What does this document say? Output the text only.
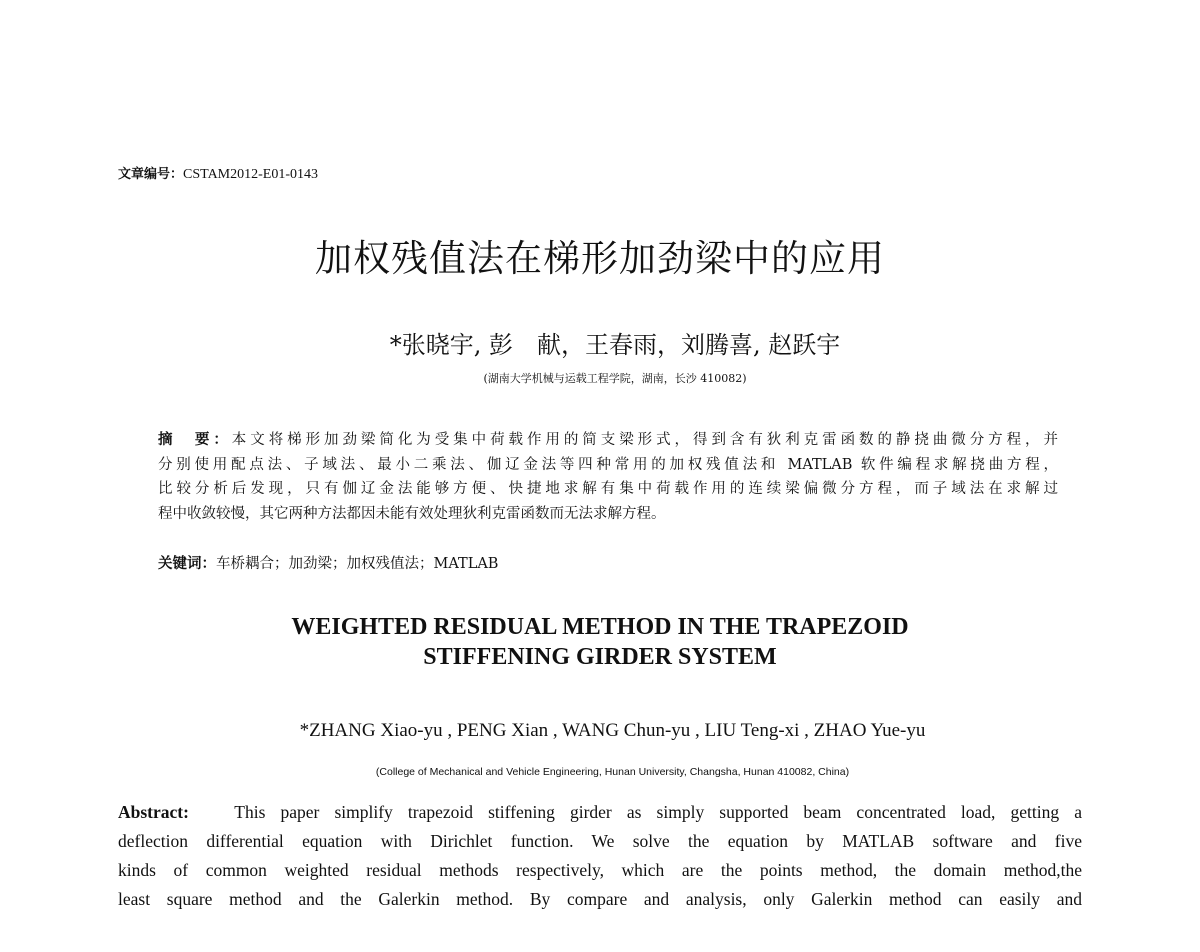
文章编号：CSTAM2012-E01-0143
加权残值法在梯形加劲梁中的应用
*张晓宇, 彭　献，王春雨，刘腾喜, 赵跃宇
(湖南大学机械与运载工程学院，湖南，长沙 410082)
摘　要：本文将梯形加劲梁简化为受集中荷载作用的简支梁形式，得到含有狄利克雷函数的静挠曲微分方程，并
分别使用配点法、子域法、最小二乘法、伽辽金法等四种常用的加权残值法和 MATLAB 软件编程求解挠曲方程，
比较分析后发现，只有伽辽金法能够方便、快捷地求解有集中荷载作用的连续梁偏微分方程，而子域法在求解过
程中收敛较慢，其它两种方法都因未能有效处理狄利克雷函数而无法求解方程。
关键词：车桥耦合；加劲梁；加权残值法；MATLAB
WEIGHTED RESIDUAL METHOD IN THE TRAPEZOID
STIFFENING GIRDER SYSTEM
*ZHANG Xiao-yu , PENG Xian , WANG Chun-yu , LIU Teng-xi , ZHAO Yue-yu
(College of Mechanical and Vehicle Engineering, Hunan University, Changsha, Hunan 410082, China)
Abstract:	This paper simplify trapezoid stiffening girder as simply supported beam concentrated load, getting a
deflection differential equation with Dirichlet function. We solve the equation by MATLAB software and five
kinds of common weighted residual methods respectively, which are the points method, the domain method,the
least square method and the Galerkin method. By compare and analysis, only Galerkin method can easily and
